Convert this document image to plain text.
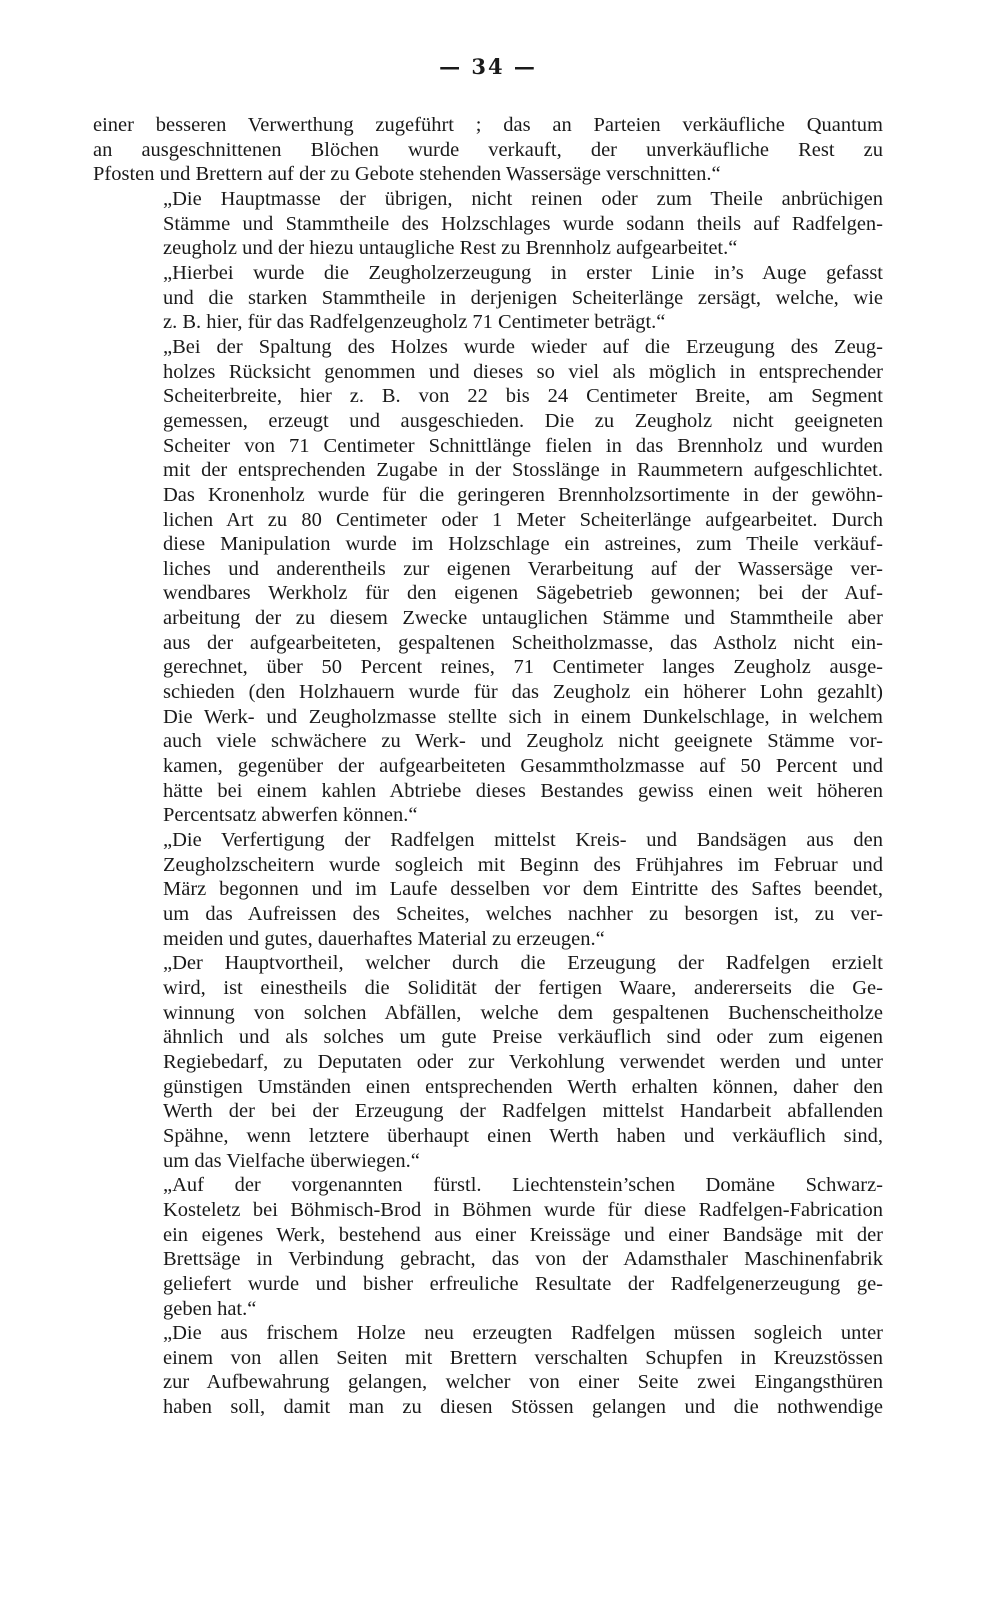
— 34 —
einer besseren Verwerthung zugeführt ; das an Parteien verkäufliche Quantum
an ausgeschnittenen Blöchen wurde verkauft, der unverkäufliche Rest zu
Pfosten und Brettern auf der zu Gebote stehenden Wassersäge verschnitten.“
„Die Hauptmasse der übrigen, nicht reinen oder zum Theile anbrüchigen
Stämme und Stammtheile des Holzschlages wurde sodann theils auf Radfelgen-
zeugholz und der hiezu untaugliche Rest zu Brennholz aufgearbeitet.“
„Hierbei wurde die Zeugholzerzeugung in erster Linie in’s Auge gefasst
und die starken Stammtheile in derjenigen Scheiterlänge zersägt, welche, wie
z. B. hier, für das Radfelgenzeugholz 71 Centimeter beträgt.“
„Bei der Spaltung des Holzes wurde wieder auf die Erzeugung des Zeug-
holzes Rücksicht genommen und dieses so viel als möglich in entsprechender
Scheiterbreite, hier z. B. von 22 bis 24 Centimeter Breite, am Segment
gemessen, erzeugt und ausgeschieden. Die zu Zeugholz nicht geeigneten
Scheiter von 71 Centimeter Schnittlänge fielen in das Brennholz und wurden
mit der entsprechenden Zugabe in der Stosslänge in Raummetern aufgeschlichtet.
Das Kronenholz wurde für die geringeren Brennholzsortimente in der gewöhn-
lichen Art zu 80 Centimeter oder 1 Meter Scheiterlänge aufgearbeitet. Durch
diese Manipulation wurde im Holzschlage ein astreines, zum Theile verkäuf-
liches und anderentheils zur eigenen Verarbeitung auf der Wassersäge ver-
wendbares Werkholz für den eigenen Sägebetrieb gewonnen; bei der Auf-
arbeitung der zu diesem Zwecke untauglichen Stämme und Stammtheile aber
aus der aufgearbeiteten, gespaltenen Scheitholzmasse, das Astholz nicht ein-
gerechnet, über 50 Percent reines, 71 Centimeter langes Zeugholz ausge-
schieden (den Holzhauern wurde für das Zeugholz ein höherer Lohn gezahlt)
Die Werk- und Zeugholzmasse stellte sich in einem Dunkelschlage, in welchem
auch viele schwächere zu Werk- und Zeugholz nicht geeignete Stämme vor-
kamen, gegenüber der aufgearbeiteten Gesammtholzmasse auf 50 Percent und
hätte bei einem kahlen Abtriebe dieses Bestandes gewiss einen weit höheren
Percentsatz abwerfen können.“
„Die Verfertigung der Radfelgen mittelst Kreis- und Bandsägen aus den
Zeugholzscheitern wurde sogleich mit Beginn des Frühjahres im Februar und
März begonnen und im Laufe desselben vor dem Eintritte des Saftes beendet,
um das Aufreissen des Scheites, welches nachher zu besorgen ist, zu ver-
meiden und gutes, dauerhaftes Material zu erzeugen.“
„Der Hauptvortheil, welcher durch die Erzeugung der Radfelgen erzielt
wird, ist einestheils die Solidität der fertigen Waare, andererseits die Ge-
winnung von solchen Abfällen, welche dem gespaltenen Buchenscheitholze
ähnlich und als solches um gute Preise verkäuflich sind oder zum eigenen
Regiebedarf, zu Deputaten oder zur Verkohlung verwendet werden und unter
günstigen Umständen einen entsprechenden Werth erhalten können, daher den
Werth der bei der Erzeugung der Radfelgen mittelst Handarbeit abfallenden
Spähne, wenn letztere überhaupt einen Werth haben und verkäuflich sind,
um das Vielfache überwiegen.“
„Auf der vorgenannten fürstl. Liechtenstein’schen Domäne Schwarz-
Kosteletz bei Böhmisch-Brod in Böhmen wurde für diese Radfelgen-Fabrication
ein eigenes Werk, bestehend aus einer Kreissäge und einer Bandsäge mit der
Brettsäge in Verbindung gebracht, das von der Adamsthaler Maschinenfabrik
geliefert wurde und bisher erfreuliche Resultate der Radfelgenerzeugung ge-
geben hat.“
„Die aus frischem Holze neu erzeugten Radfelgen müssen sogleich unter
einem von allen Seiten mit Brettern verschalten Schupfen in Kreuzstössen
zur Aufbewahrung gelangen, welcher von einer Seite zwei Eingangsthüren
haben soll, damit man zu diesen Stössen gelangen und die nothwendige
